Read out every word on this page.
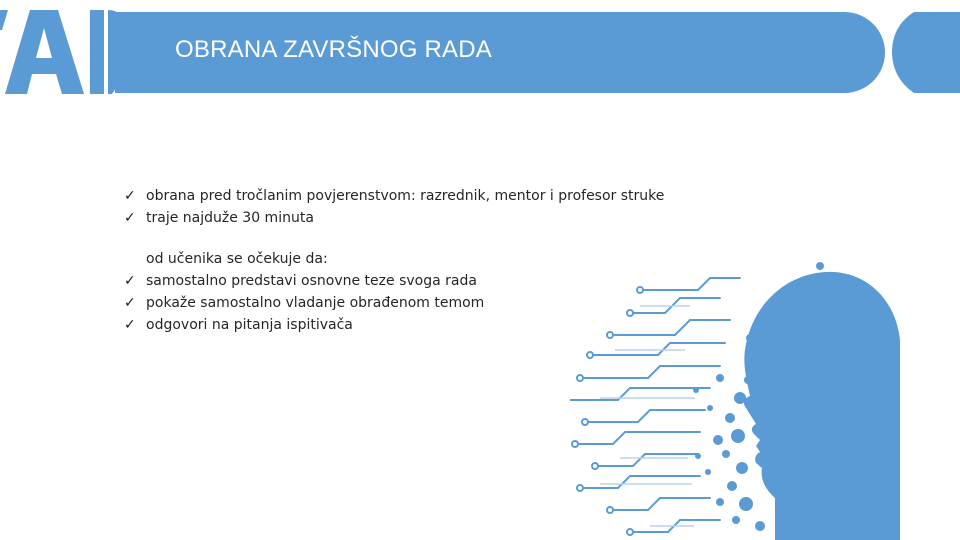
OBRANA ZAVRŠNOG RADA
✓ obrana pred tročlanim povjerenstvom: razrednik, mentor i profesor struke
✓ traje najduže 30 minuta
od učenika se očekuje da:
✓ samostalno predstavi osnovne teze svoga rada
✓ pokaže samostalno vladanje obrađenom temom
✓ odgovori na pitanja ispitivača
